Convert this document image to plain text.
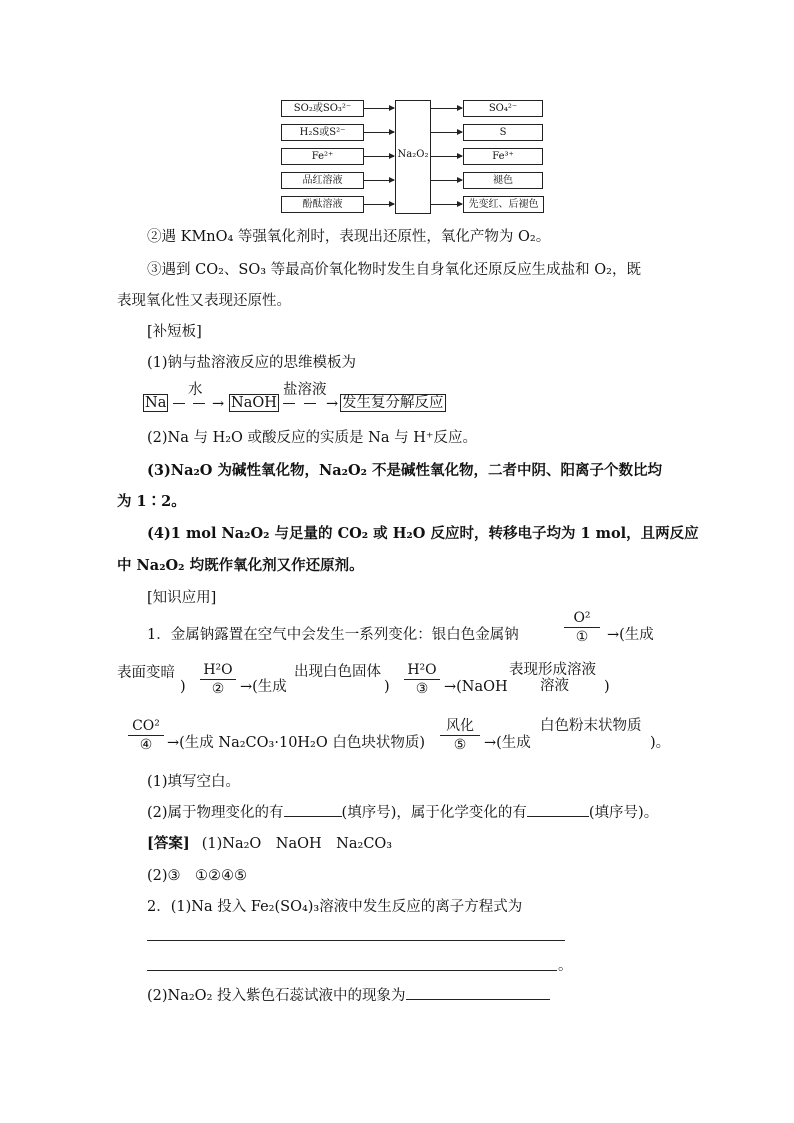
SO₂或SO₃²⁻
H₂S或S²⁻
Fe²⁺
品红溶液
酚酞溶液
Na₂O₂
SO₄²⁻
S
Fe³⁺
褪色
先变红、后褪色
②遇 KMnO₄ 等强氧化剂时，表现出还原性，氧化产物为 O₂。
③遇到 CO₂、SO₃ 等最高价氧化物时发生自身氧化还原反应生成盐和 O₂，既
表现氧化性又表现还原性。
[补短板]
(1)钠与盐溶液反应的思维模板为
Na
水
→ NaOH
盐溶液
→ 发生复分解反应
(2)Na 与 H₂O 或酸反应的实质是 Na 与 H⁺反应。
(3)Na₂O 为碱性氧化物，Na₂O₂ 不是碱性氧化物，二者中阴、阳离子个数比均
为 1∶2。
(4)1 mol Na₂O₂ 与足量的 CO₂ 或 H₂O 反应时，转移电子均为 1 mol，且两反应
中 Na₂O₂ 均既作氧化剂又作还原剂。
[知识应用]
1．金属钠露置在空气中会发生一系列变化：银白色金属钠
O²
①	→(生成
表面变暗
)
H²O
②	→(生成
出现白色固体
)
H²O
③	→(NaOH
表现形成溶液
溶液 )
CO²
④	→(生成 Na₂CO₃·10H₂O 白色块状物质)
风化
⑤	→(生成
白色粉末状物质
)。
(1)填写空白。
(2)属于物理变化的有	(填序号)，属于化学变化的有	(填序号)。
[答案] (1)Na₂O　NaOH　Na₂CO₃
(2)③　①②④⑤
2．(1)Na 投入 Fe₂(SO₄)₃溶液中发生反应的离子方程式为
。
(2)Na₂O₂ 投入紫色石蕊试液中的现象为
